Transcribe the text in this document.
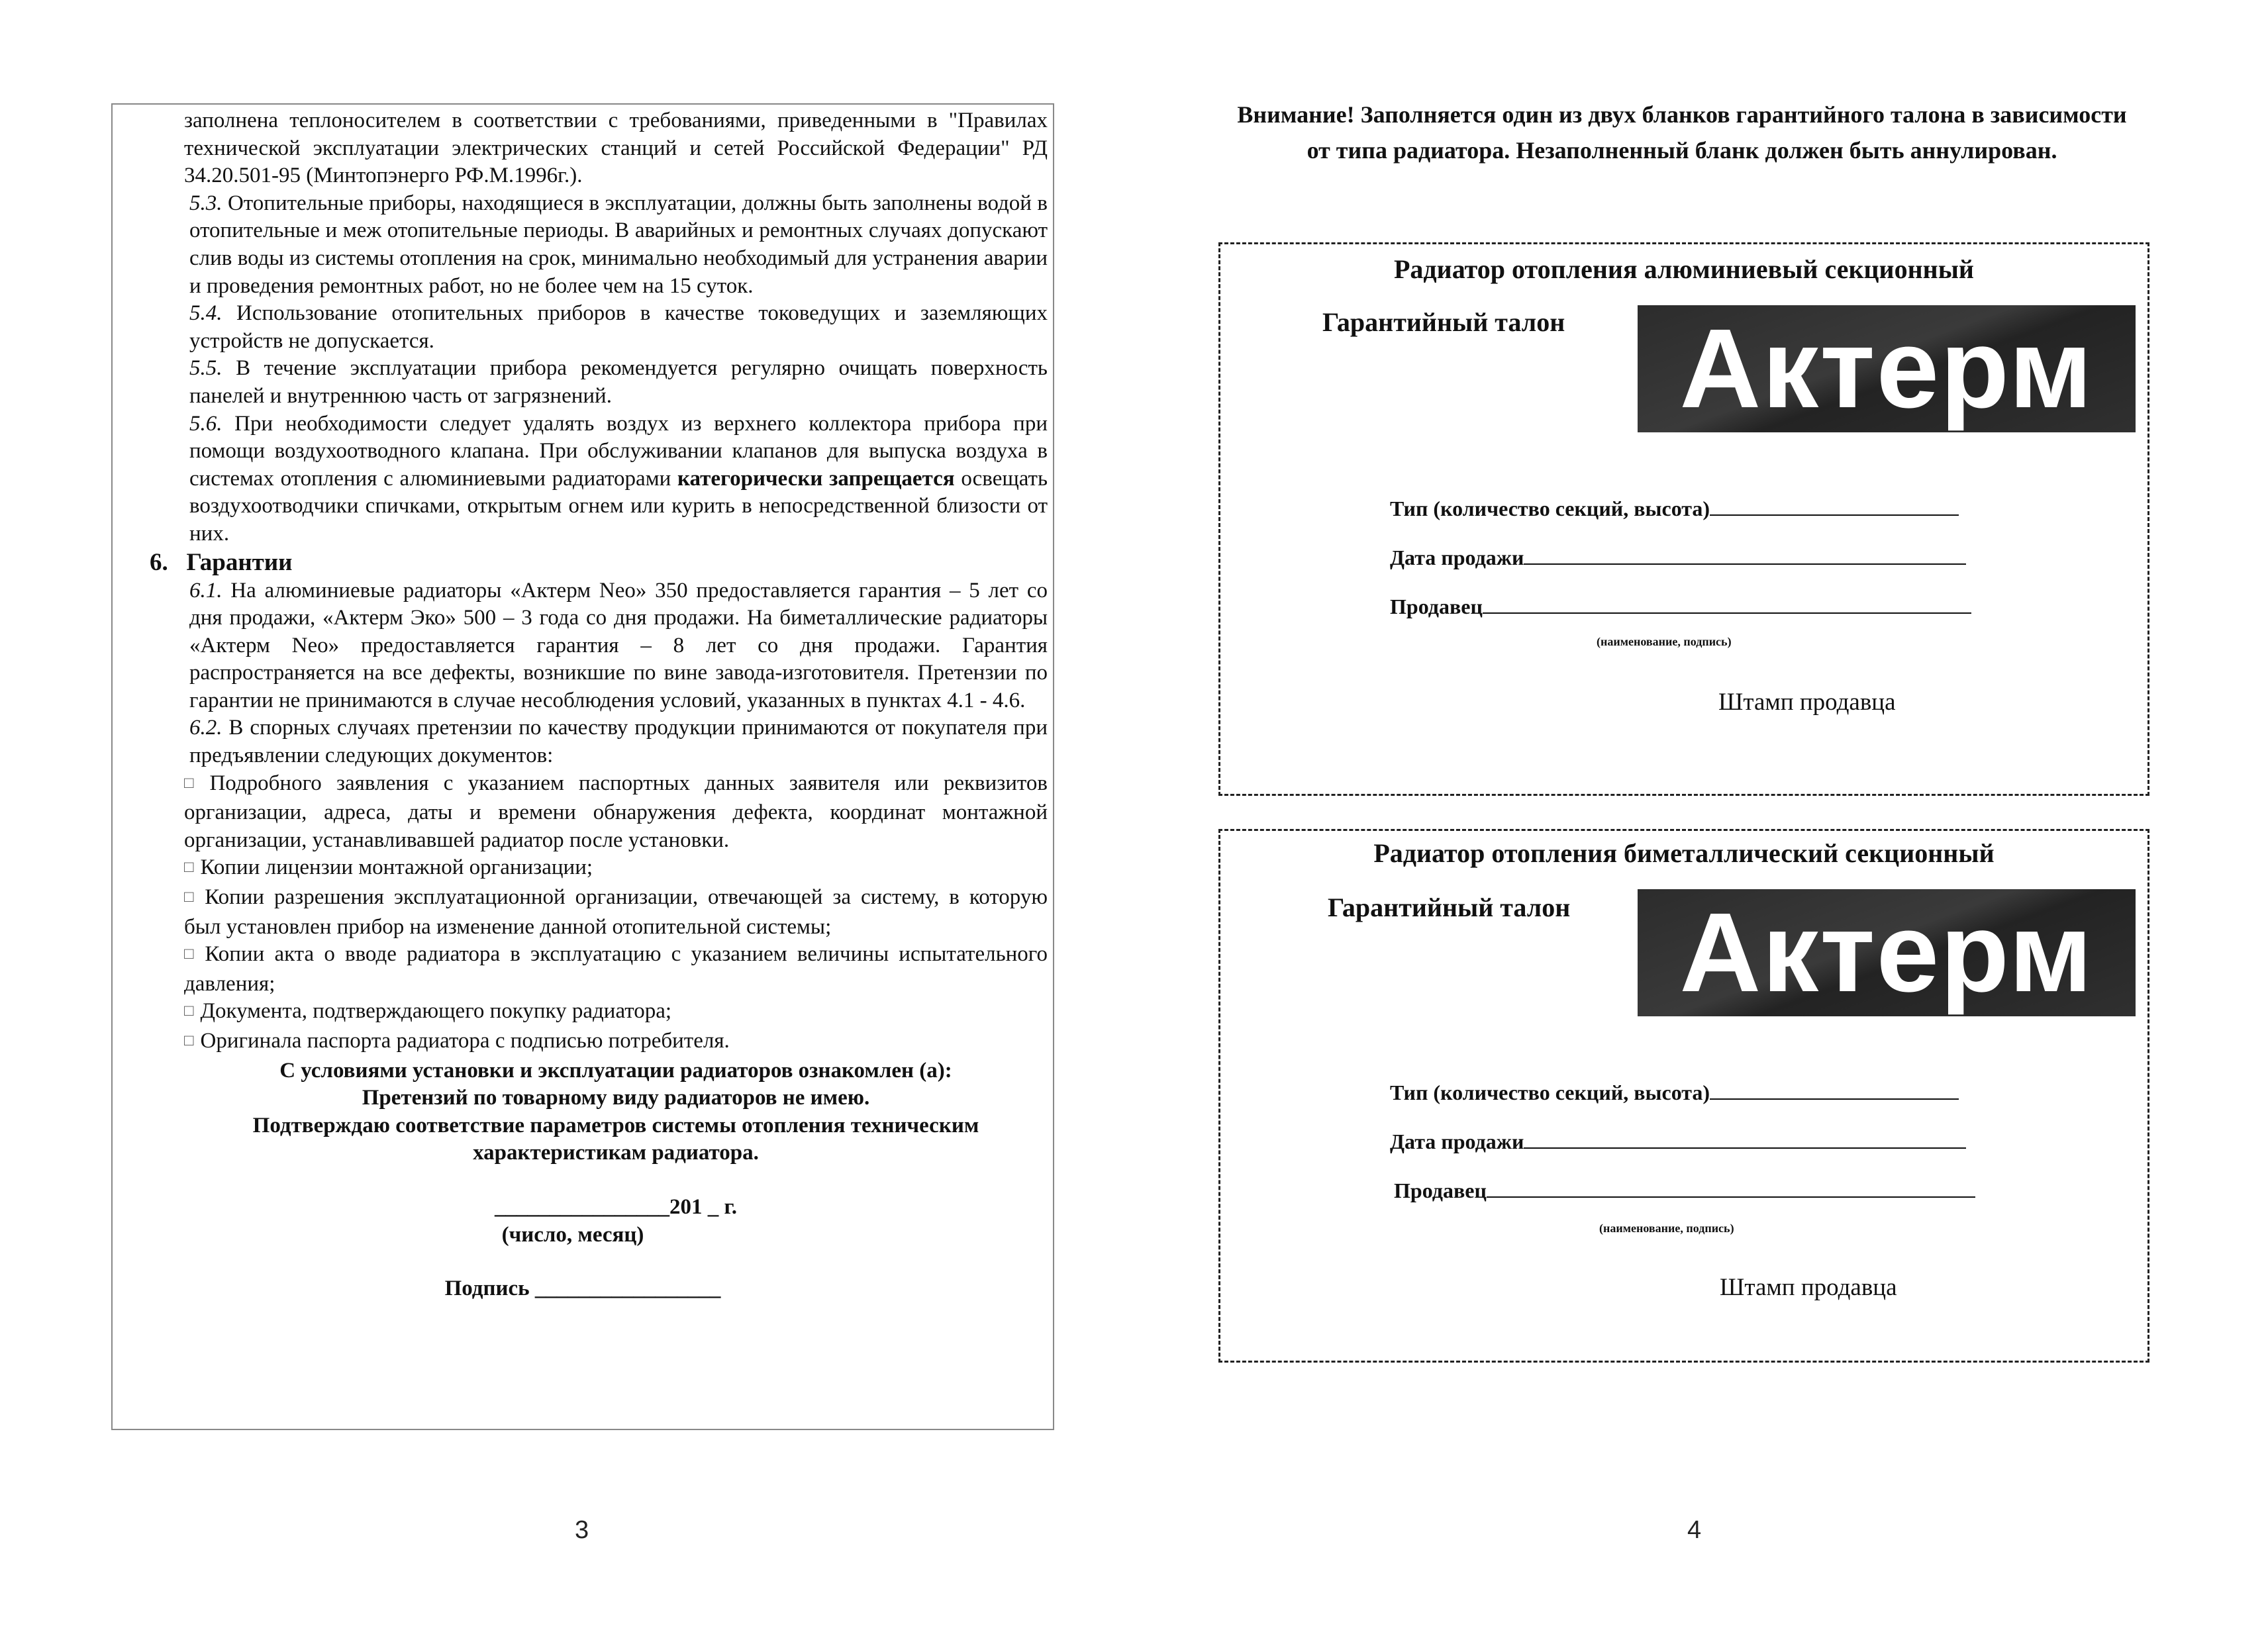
заполнена теплоносителем в соответствии с требованиями, приведенными в "Правилах технической эксплуатации электрических станций и сетей Российской Федерации" РД 34.20.501-95 (Минтопэнерго РФ.М.1996г.).

5.3. Отопительные приборы, находящиеся в эксплуатации, должны быть заполнены водой в отопительные и меж отопительные периоды. В аварийных и ремонтных случаях допускают слив воды из системы отопления на срок, минимально необходимый для устранения аварии и проведения ремонтных работ, но не более чем на 15 суток.

5.4. Использование отопительных приборов в качестве токоведущих и заземляющих устройств не допускается.

5.5. В течение эксплуатации прибора рекомендуется регулярно очищать поверхность панелей и внутреннюю часть от загрязнений.

5.6. При необходимости следует удалять воздух из верхнего коллектора прибора при помощи воздухоотводного клапана. При обслуживании клапанов для выпуска воздуха в системах отопления с алюминиевыми радиаторами категорически запрещается освещать воздухоотводчики спичками, открытым огнем или курить в непосредственной близости от них.

6.   Гарантии

6.1. На алюминиевые радиаторы «Актерм Neo» 350 предоставляется гарантия – 5 лет со дня продажи, «Актерм Эко» 500 – 3 года со дня продажи. На биметаллические радиаторы «Актерм Neo» предоставляется гарантия – 8 лет со дня продажи. Гарантия распространяется на все дефекты, возникшие по вине завода-изготовителя. Претензии по гарантии не принимаются в случае несоблюдения условий, указанных в пунктах 4.1 - 4.6.

6.2. В спорных случаях претензии по качеству продукции принимаются от покупателя при предъявлении следующих документов:

□ Подробного заявления с указанием паспортных данных заявителя или реквизитов организации, адреса, даты и времени обнаружения дефекта, координат монтажной организации, устанавливавшей радиатор после установки.

□ Копии лицензии монтажной организации;

□ Копии разрешения эксплуатационной организации, отвечающей за систему, в которую был установлен прибор на изменение данной отопительной системы;

□ Копии акта о вводе радиатора в эксплуатацию с указанием величины испытательного давления;

□ Документа, подтверждающего покупку радиатора;

□ Оригинала паспорта радиатора с подписью потребителя.

С условиями установки и эксплуатации радиаторов ознакомлен (а):

Претензий по товарному виду радиаторов не имею.

Подтверждаю соответствие параметров системы отопления техническим характеристикам радиатора.

________________201 _ г.

(число, месяц)

Подпись _________________

3
Внимание! Заполняется один из двух бланков гарантийного талона в зависимости от типа радиатора. Незаполненный бланк должен быть аннулирован.
Радиатор отопления алюминиевый секционный
Гарантийный талон	Актерм
Тип (количество секций, высота)
Дата продажи
Продавец
(наименование, подпись)
Штамп продавца
Радиатор отопления биметаллический секционный
Гарантийный талон Актерм
Тип (количество секций, высота)
Дата продажи
Продавец
(наименование, подпись)
Штамп продавца
4
